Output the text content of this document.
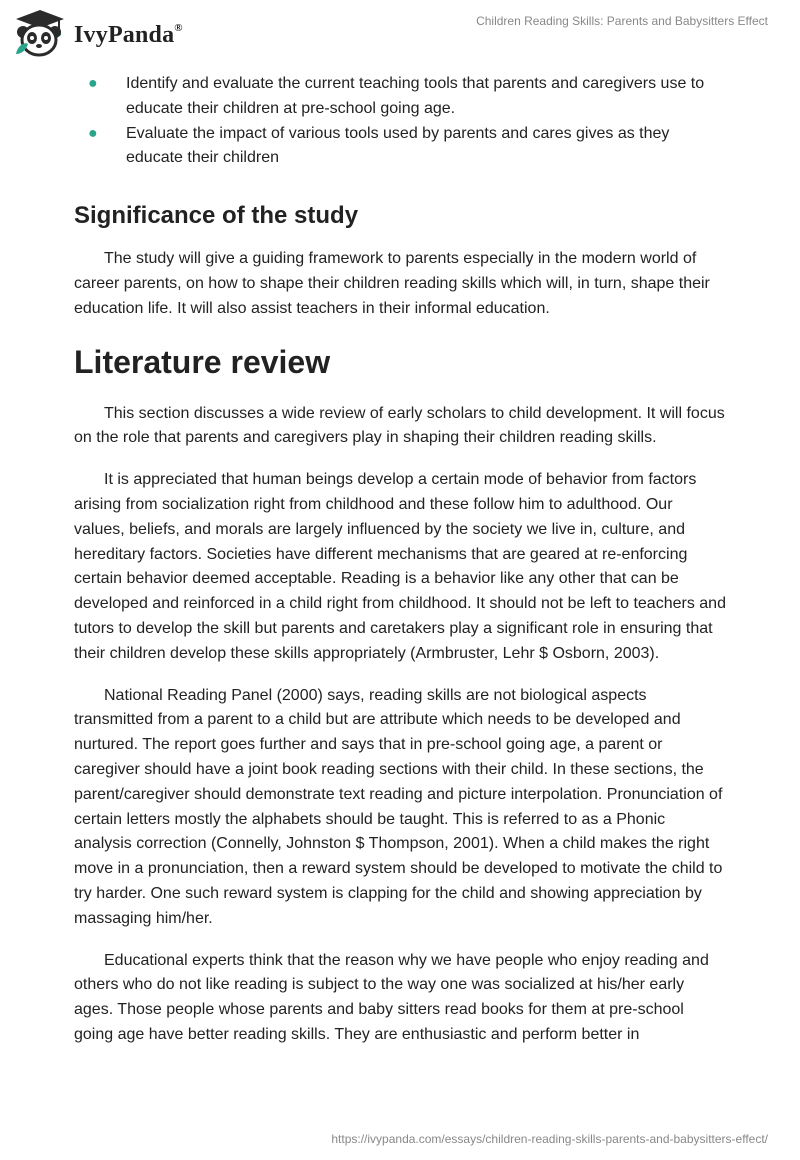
IvyPanda®	Children Reading Skills: Parents and Babysitters Effect
● Identify and evaluate the current teaching tools that parents and caregivers use to educate their children at pre-school going age.
● Evaluate the impact of various tools used by parents and cares gives as they educate their children
Significance of the study

The study will give a guiding framework to parents especially in the modern world of career parents, on how to shape their children reading skills which will, in turn, shape their education life. It will also assist teachers in their informal education.

Literature review

This section discusses a wide review of early scholars to child development. It will focus on the role that parents and caregivers play in shaping their children reading skills.

It is appreciated that human beings develop a certain mode of behavior from factors arising from socialization right from childhood and these follow him to adulthood. Our values, beliefs, and morals are largely influenced by the society we live in, culture, and hereditary factors. Societies have different mechanisms that are geared at re-enforcing certain behavior deemed acceptable. Reading is a behavior like any other that can be developed and reinforced in a child right from childhood. It should not be left to teachers and tutors to develop the skill but parents and caretakers play a significant role in ensuring that their children develop these skills appropriately (Armbruster, Lehr $ Osborn, 2003).

National Reading Panel (2000) says, reading skills are not biological aspects transmitted from a parent to a child but are attribute which needs to be developed and nurtured. The report goes further and says that in pre-school going age, a parent or caregiver should have a joint book reading sections with their child. In these sections, the parent/caregiver should demonstrate text reading and picture interpolation. Pronunciation of certain letters mostly the alphabets should be taught. This is referred to as a Phonic analysis correction (Connelly, Johnston $ Thompson, 2001). When a child makes the right move in a pronunciation, then a reward system should be developed to motivate the child to try harder. One such reward system is clapping for the child and showing appreciation by massaging him/her.

Educational experts think that the reason why we have people who enjoy reading and others who do not like reading is subject to the way one was socialized at his/her early ages. Those people whose parents and baby sitters read books for them at pre-school going age have better reading skills. They are enthusiastic and perform better in

https://ivypanda.com/essays/children-reading-skills-parents-and-babysitters-effect/
